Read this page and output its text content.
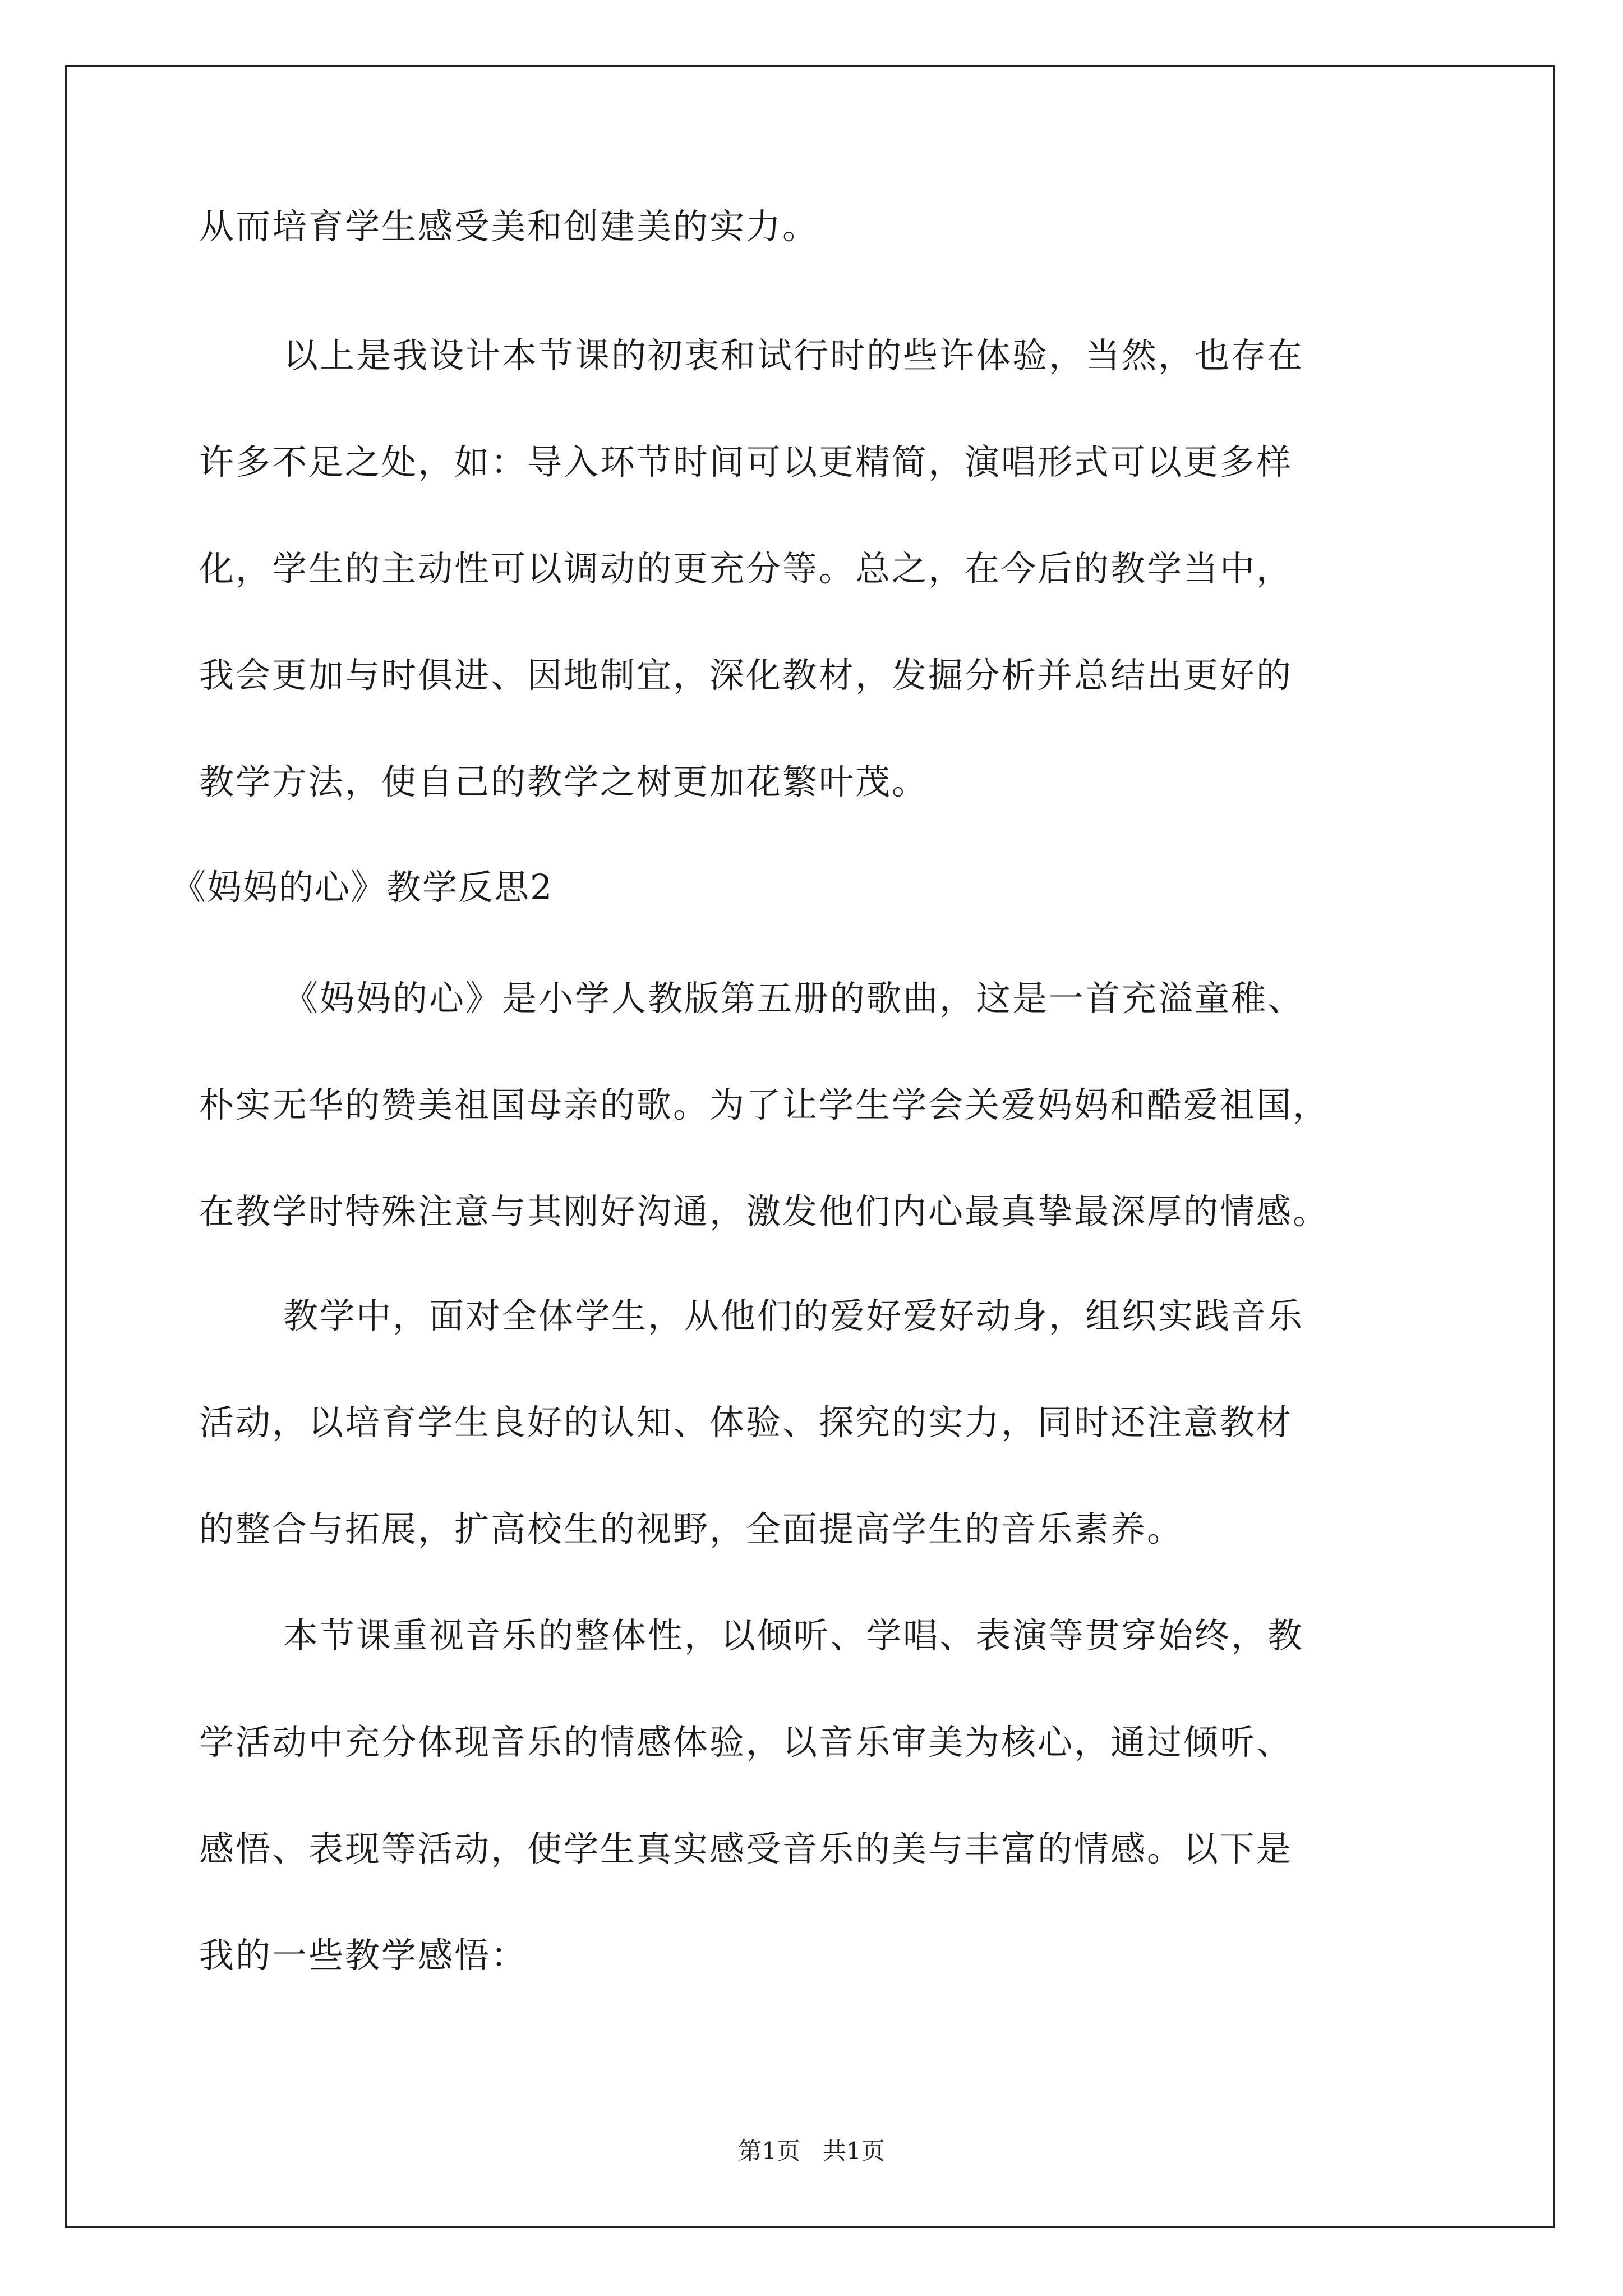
从而培育学生感受美和创建美的实力。
以上是我设计本节课的初衷和试行时的些许体验，当然，也存在
许多不足之处，如：导入环节时间可以更精简，演唱形式可以更多样
化，学生的主动性可以调动的更充分等。总之，在今后的教学当中，
我会更加与时俱进、因地制宜，深化教材，发掘分析并总结出更好的
教学方法，使自己的教学之树更加花繁叶茂。
《妈妈的心》教学反思2
《妈妈的心》是小学人教版第五册的歌曲，这是一首充溢童稚、
朴实无华的赞美祖国母亲的歌。为了让学生学会关爱妈妈和酷爱祖国，
在教学时特殊注意与其刚好沟通，激发他们内心最真挚最深厚的情感。
教学中，面对全体学生，从他们的爱好爱好动身，组织实践音乐
活动，以培育学生良好的认知、体验、探究的实力，同时还注意教材
的整合与拓展，扩高校生的视野，全面提高学生的音乐素养。
本节课重视音乐的整体性，以倾听、学唱、表演等贯穿始终，教
学活动中充分体现音乐的情感体验，以音乐审美为核心，通过倾听、
感悟、表现等活动，使学生真实感受音乐的美与丰富的情感。以下是
我的一些教学感悟：
第1页   共1页
